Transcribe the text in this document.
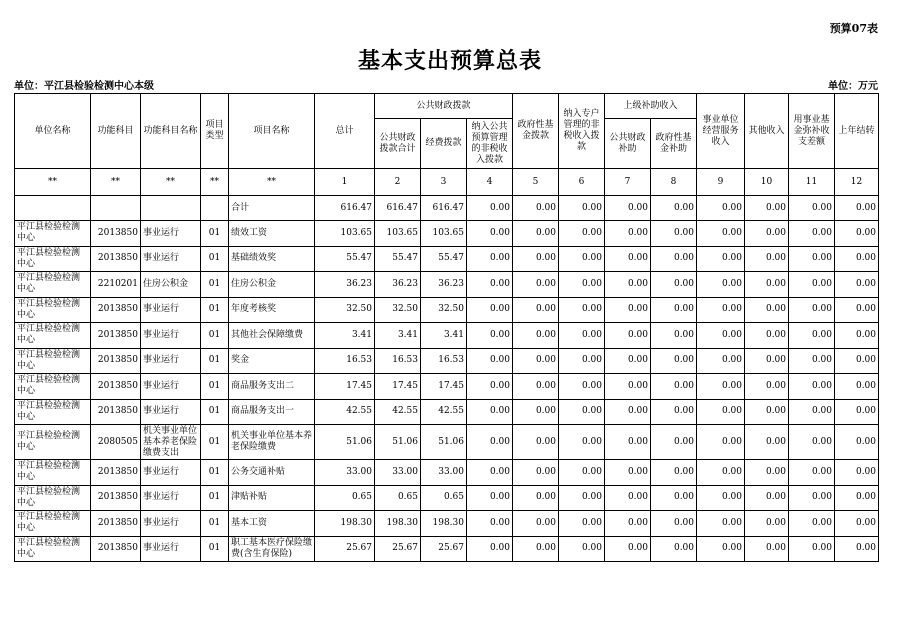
预算07表
基本支出预算总表
单位：平江县检验检测中心本级	单位：万元
单位名称	功能科目	功能科目名称	项目类型	项目名称	总计	公共财政拨款			政府性基金拨款	纳入专户管理的非税收入拨款	上级补助收入		事业单位经营服务收入	其他收入	用事业基金弥补收支差额	上年结转
						公共财政拨款合计	经费拨款	纳入公共预算管理的非税收入拨款			公共财政补助	政府性基金补助				
**	**	**	**	**	1	2	3	4	5	6	7	8	9	10	11	12
				合计	616.47	616.47	616.47	0.00	0.00	0.00	0.00	0.00	0.00	0.00	0.00	0.00
平江县检验检测中心	2013850	事业运行	01	绩效工资	103.65	103.65	103.65	0.00	0.00	0.00	0.00	0.00	0.00	0.00	0.00	0.00
平江县检验检测中心	2013850	事业运行	01	基础绩效奖	55.47	55.47	55.47	0.00	0.00	0.00	0.00	0.00	0.00	0.00	0.00	0.00
平江县检验检测中心	2210201	住房公积金	01	住房公积金	36.23	36.23	36.23	0.00	0.00	0.00	0.00	0.00	0.00	0.00	0.00	0.00
平江县检验检测中心	2013850	事业运行	01	年度考核奖	32.50	32.50	32.50	0.00	0.00	0.00	0.00	0.00	0.00	0.00	0.00	0.00
平江县检验检测中心	2013850	事业运行	01	其他社会保障缴费	3.41	3.41	3.41	0.00	0.00	0.00	0.00	0.00	0.00	0.00	0.00	0.00
平江县检验检测中心	2013850	事业运行	01	奖金	16.53	16.53	16.53	0.00	0.00	0.00	0.00	0.00	0.00	0.00	0.00	0.00
平江县检验检测中心	2013850	事业运行	01	商品服务支出二	17.45	17.45	17.45	0.00	0.00	0.00	0.00	0.00	0.00	0.00	0.00	0.00
平江县检验检测中心	2013850	事业运行	01	商品服务支出一	42.55	42.55	42.55	0.00	0.00	0.00	0.00	0.00	0.00	0.00	0.00	0.00
平江县检验检测中心	2080505	机关事业单位基本养老保险缴费支出	01	机关事业单位基本养老保险缴费	51.06	51.06	51.06	0.00	0.00	0.00	0.00	0.00	0.00	0.00	0.00	0.00
平江县检验检测中心	2013850	事业运行	01	公务交通补贴	33.00	33.00	33.00	0.00	0.00	0.00	0.00	0.00	0.00	0.00	0.00	0.00
平江县检验检测中心	2013850	事业运行	01	津贴补贴	0.65	0.65	0.65	0.00	0.00	0.00	0.00	0.00	0.00	0.00	0.00	0.00
平江县检验检测中心	2013850	事业运行	01	基本工资	198.30	198.30	198.30	0.00	0.00	0.00	0.00	0.00	0.00	0.00	0.00	0.00
平江县检验检测中心	2013850	事业运行	01	职工基本医疗保险缴费(含生育保险)	25.67	25.67	25.67	0.00	0.00	0.00	0.00	0.00	0.00	0.00	0.00	0.00
